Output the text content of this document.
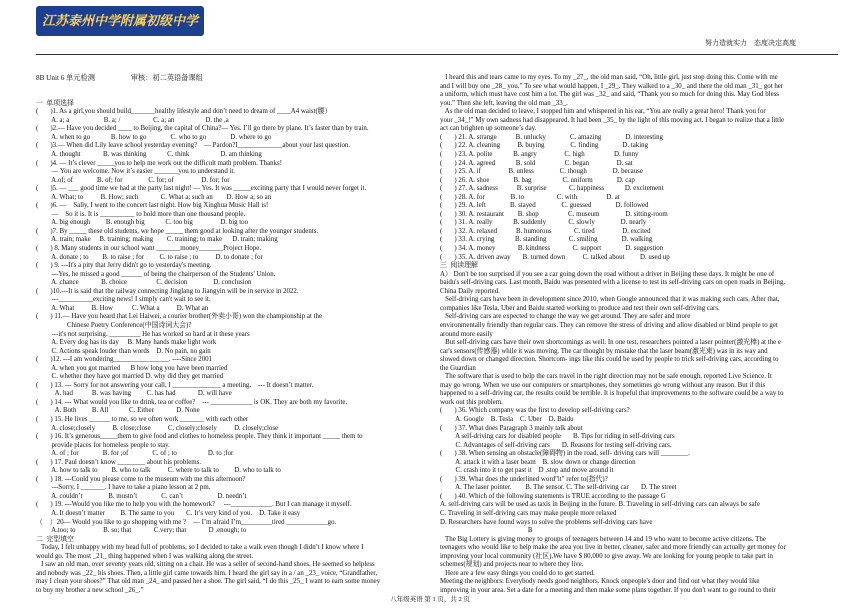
江苏泰州中学附属初级中学
努力造就实力　态度决定高度

8B Unit 6 单元检测	审核：初二英语备课组

一  单项选择
(       )1. As a girl,you should build_______healthy lifestyle and don’t need to dream of ____A4 waist(腰）
A. a; a                    B. a; /                   C. a; an                  D. the ,a
(       )2.— Have you decided ____ to Beijing, the capital of China?— Yes. I’ll go there by plane. It’s faster than by train.
A. when to go            B. how to go              C. who to go              D. where to go
(       )3.— When did Lily leave school yesterday evening?    — Pardon?I_____________about your last question.
A. thought             B. was thinking            C. think                  D. am thinking
(       )4. — It’s clever _____you to help me work out the difficult math problem. Thanks!
— You are welcome. Now it’s easier _______you to understand it.
A.of; of              B. of; for               C. for; of                D. for; for
(       )5. — ___ good time we had at the party last night! — Yes. It was _____exciting party that I would never forget it.
A. What; to          B. How; such             C. What a; such an        D. How a; so an
(       )6. —    Sally, I went to the concert last night. How big Xinghua Music Hall is!
—    So it is. It is __________ to hold more than one thousand people.
A. big enough         B. enough big            C. too big                D. big too
(       )7. By _____ these old students, we hope _____ them good at looking after the younger students.
A. train; make     B. training; making        C. training; to make      D. train; making
(       ) 8. Many students in our school want _______money_______Project Hope.
A. donate ; to        B. to raise ; for         C. to raise ; to          D. to donate ; for
(       ) 9. ---It's a pity that Jerry didn't go to yesterday's meeting.
---Yes, he missed a good ______ of being the chairperson of the Students' Union.
A. chance             B. choice                 C. decision               D. conclusion
(       )10.---It is said that the railway connecting Jinglang to Jiangyin will be in service in 2022.
---__________exciting news! I simply can't wait to see it.
A. What          B. How           C. What a          D. What an
(       ) 11.— Have you heard that Lei Haiwei, a courier brother(外卖小哥) won the championship at the
Chinese Poetry Conference(中国诗词大会)?
---it's not surprising. _________ He has worked so hard at it these years
A. Every dog has its day     B. Many hands make light work
C. Actions speak louder than words    D. No pain, no gain
(       )12. ---I am wondering________________. ----Since 2001
A. when you got married      B how long you have been married
C. whether they have got married D. why did they get married
(       ) 13. --- Sorry for not answering your call, I ______________ a meeting.    --- It doesn’t matter.
A. had           B. was having         C. has had             D. will have
(       ) 14. --- What would you like to drink, tea or coffee?    --- ____________ is OK. They are both my favorite.
A. Both         B. All            C. Either             D. None
(       ) 15. He lives ______ to me, so we often work _______ with each other
A. close;closely          B. close;close          C. closely;closely          D. closely;close
(       ) 16. It’s generous_____them to give food and clothes to homeless people. They think it important _____ them to
provide places for homeless people to stay.
A. of ; for              B. for ;of              C. of ; to                  D. to ;for
(       ) 17. Paul doesn’t know ________ about his problems.
A. how to talk to        B. who to talk          C. where to talk to         D. who to talk to
(       ) 18. ---Could you please come to the museum with me this afternoon?
---Sorry, I _______. I have to take a piano lesson at 2 pm.
A. couldn’t               B. mustn’t              C. can’t                    D. needn’t
(       ) 19. ---Would you like me to help you with the homework?     ---____________. But I can manage it myself.
A. It doesn’t matter         B. The same to you       C. It’s very kind of you.    D. Take it easy
（    ）20— Would you like to go shopping with me ?    — I’m afraid I’m_________tired ____________go.
A.too; to                B. so; that             C.very; that             D .enough; to
二  完型填空
Today, I felt unhappy with my head full of problems, so I decided to take a walk even though I didn’t I know where I
would go. The most _21_ thing happened when I was walking along the street.
I saw an old man, over seventy years old, sitting on a chair. He was a seller of second-hand shoes. He seemed so helpless
and nobody was _22_ his shoes. Then, a little girl came towards him. I heard the girl say in a / an _23_ voice, “Grandfather,
may I clean your shoes?” That old man _24_ and passed her a shoe. The girl said, “I do this _25_ I want to earn some money
to buy my brother a new school _26_.”

I heard this and tears came to my eyes. To my _27_, the old man said, “Oh, little girl, just stop doing this. Come with me
and I will buy one _28_ you.” To see what would happen, I _29_. They walked to a _30_ and there the old man _31_ got her
a uniform, which must have cost him a lot. The girl was _32_ and said, “Thank you so much for doing this. May God bless
you.” Then she left, leaving the old man _33_.
As the old man decided to leave, I stopped him and whispered in his ear, “You are really a great hero! Thank you for
your _34_!” My own sadness had disappeared. It had been _35_ by the light of this moving act. I began to realize that a little
act can brighten up someone’s day.
(       ) 21. A. strange           B. unlucky              C. amazing              D. interesting
(       ) 22. A. cleaning          B. buying               C. finding              D. taking
(       ) 23. A. polite            B. angry                C. high                 D. funny
(       ) 24. A. agreed            B. sold                 C. began                D. sat
(       ) 25. A. if                B. unless               C. though               D. because
(       ) 26. A. shoe              B. bag                  C. uniform              D. cap
(       ) 27. A. sadness           B. surprise             C. happiness            D. excitement
(       ) 28. A. for               B. to                   C. with                 D. at
(       ) 29. A. left              B. stayed               C. guessed              D. followed
(       ) 30. A. restaurant        B. shop                 C. museum               D. sitting-room
(       ) 31. A. really            B. suddenly             C. slowly               D. nearly
(       ) 32. A. relaxed           B. humorous             C. tired                D. excited
(       ) 33. A. crying            B. standing             C. smiling              D. walking
(       ) 34. A. money             B. kindness             C. support              D. suggestion
(       ) 35. A. driven away       B. turned down          C. talked about         D. used up
三  阅读理解
A） Don't be too surprised if you see a car going down the road without a driver in Beijing these days. It might be one of
baidu's self-driving cars. Last month, Baidu was presented with a license to test its self-driving cars on open roads in Beijing,
China Daily reported.
Self-driving cars have been in development since 2010, when Google announced that it was making such cars. After that,
companies like Tesla, Uber and Baidu started working to produce and test their own self-driving cars.
Self-driving cars are expected to change the way we get around. They are safer and more
environmentally friendly than regular cars. They can remove the stress of driving and allow disabled or blind people to get
around more easily
But self-driving cars have their own shortcomings as well. In one test, researchers pointed a laser pointer(激光棒) at the e
car's sensors(传感器) while it was moving. The car thought by mistake that the laser beam(激光束) was in its way and
slowed down or changed direction. Shortcom- ings like this could be used by people to trick self-driving cars, according to
the Guardian
The software that is used to help the cars travel in the right direction may not be safe enough, reported Live Science. It
may go wrong. When we use our computers or smartphones, they sometimes go wrong without any reason. But if this
happened to a self-driving car, the results could be terrible. It is hopeful that improvements to the software could be a way to
work out this problem.
(       ) 36. Which company was the first to develop self-driving cars?
A. Google    B. Tesla    C. Uber    D. Baidu
(       ) 37. What does Paragraph 3 mainly talk about
A self-driving cars for disabled people       B. Tips for riding in self-driving cars
C. Advantages of self-driving cars       D. Reasons for testing self-driving cars.
(       ) 38. When sensing an obstacle(障碍物) in the road, self- driving cars will ________.
A. attack it with a laser beam    B. slow down or change direction
C. crash into it to get past it    D .stop and move around it
(       ) 39. What does the underlined word"it" refer to(指代)?
A. The laser pointer.        B. The sensor. C. The self-driving car       D. The street
(       ) 40. Which of the following statements is TRUE according to the passage G
A. self-driving cars will be used as taxis in Beijing in the future. B. Traveling in self-driving cars can always be safe
C. Traveling in self-driving cars may make people more relaxed
D. Researchers have found ways to solve the problems self-driving cars have
B
The Big Lottery is giving money to groups of teenagers between 14 and 19 who want to become active citizens. The
teenagers who would like to help make the area you live in better, cleaner, safer and more friendly can actually get money for
improving your local community (社区),We have $ 80,000 to give away. We are looking for young people to take part in
schemes(规划) and projects near to where they live.
Here are a few easy things you could do to get started.
Meeting the neighbors: Everybody needs good neighbors. Knock onpeople's door and find out what they would like
improving in your area. Set a date for a meeting and then make some plans together. If you don't want to go round to their

八年级英语 第 1 页，共 2 页
